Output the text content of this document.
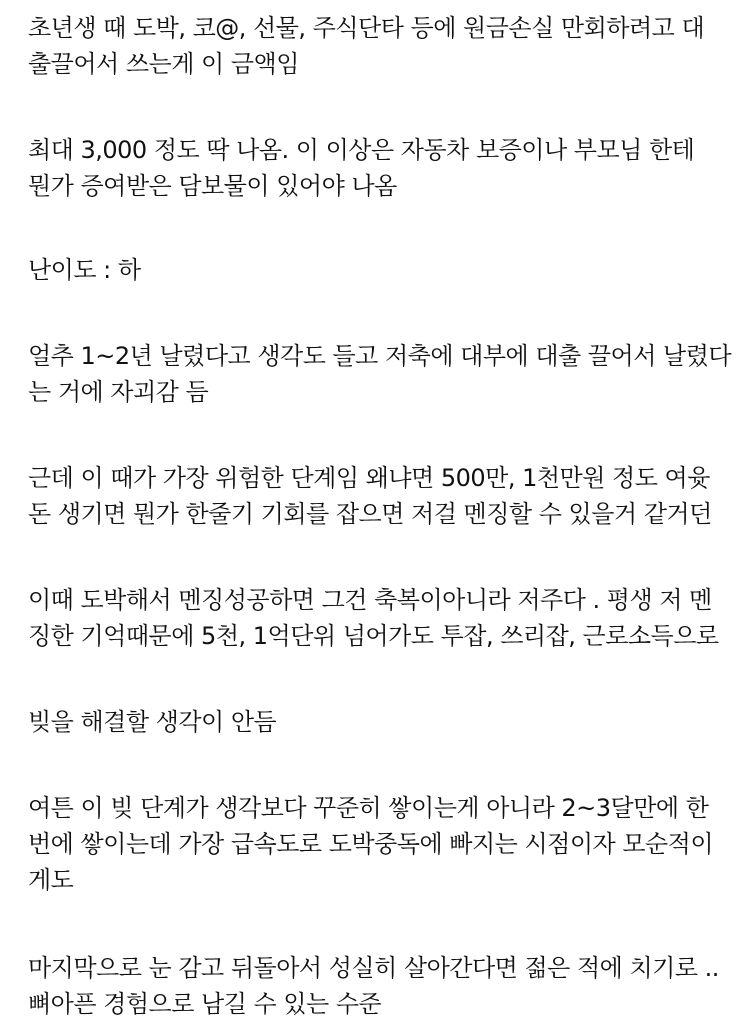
초년생 때 도박, 코@, 선물, 주식단타 등에 원금손실 만회하려고 대
출끌어서 쓰는게 이 금액임
최대 3,000 정도 딱 나옴. 이 이상은 자동차 보증이나 부모님 한테
뭔가 증여받은 담보물이 있어야 나옴
난이도 : 하
얼추 1~2년 날렸다고 생각도 들고 저축에 대부에 대출 끌어서 날렸다
는 거에 자괴감 듬
근데 이 때가 가장 위험한 단계임 왜냐면 500만, 1천만원 정도 여윳
돈 생기면 뭔가 한줄기 기회를 잡으면 저걸 멘징할 수 있을거 같거던
이때 도박해서 멘징성공하면 그건 축복이아니라 저주다 . 평생 저 멘
징한 기억때문에 5천, 1억단위 넘어가도 투잡, 쓰리잡, 근로소득으로
빚을 해결할 생각이 안듬
여튼 이 빚 단계가 생각보다 꾸준히 쌓이는게 아니라 2~3달만에 한
번에 쌓이는데 가장 급속도로 도박중독에 빠지는 시점이자 모순적이
게도
마지막으로 눈 감고 뒤돌아서 성실히 살아간다면 젊은 적에 치기로 ..
뼈아픈 경험으로 남길 수 있는 수준
